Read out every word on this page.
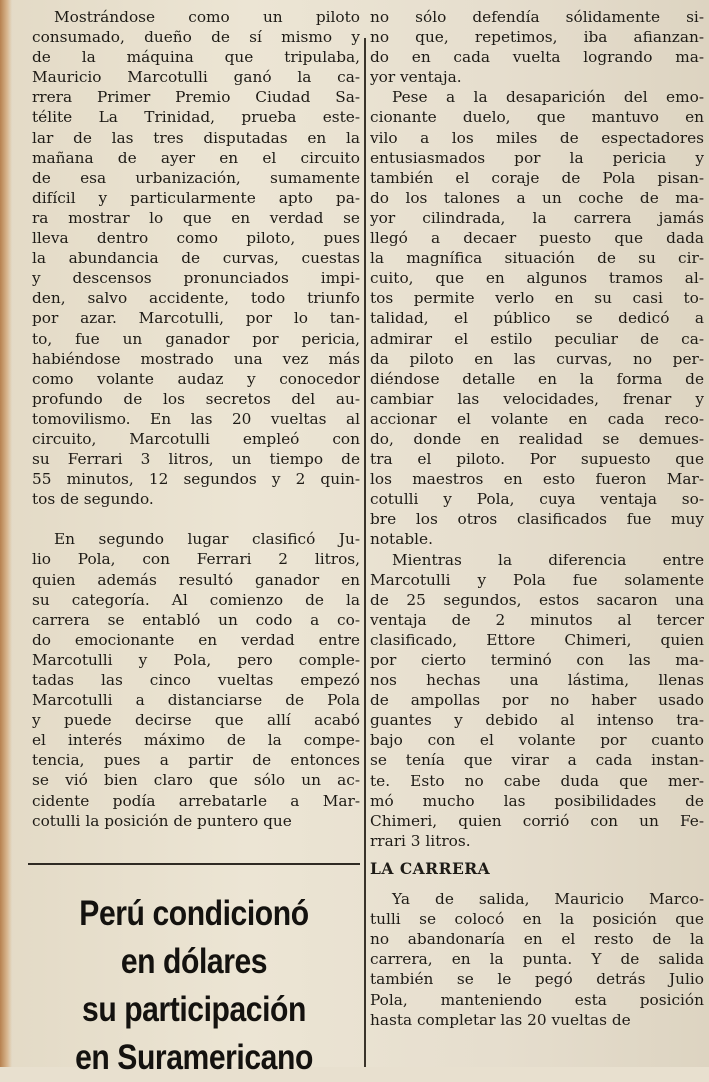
Mostrándose como un piloto
consumado, dueño de sí mismo y
de la máquina que tripulaba,
Mauricio Marcotulli ganó la ca-
rrera Primer Premio Ciudad Sa-
télite La Trinidad, prueba este-
lar de las tres disputadas en la
mañana de ayer en el circuito
de esa urbanización, sumamente
difícil y particularmente apto pa-
ra mostrar lo que en verdad se
lleva dentro como piloto, pues
la abundancia de curvas, cuestas
y descensos pronunciados impi-
den, salvo accidente, todo triunfo
por azar. Marcotulli, por lo tan-
to, fue un ganador por pericia,
habiéndose mostrado una vez más
como volante audaz y conocedor
profundo de los secretos del au-
tomovilismo. En las 20 vueltas al
circuito, Marcotulli empleó con
su Ferrari 3 litros, un tiempo de
55 minutos, 12 segundos y 2 quin-
tos de segundo.

En segundo lugar clasificó Ju-
lio Pola, con Ferrari 2 litros,
quien además resultó ganador en
su categoría. Al comienzo de la
carrera se entabló un codo a co-
do emocionante en verdad entre
Marcotulli y Pola, pero comple-
tadas las cinco vueltas empezó
Marcotulli a distanciarse de Pola
y puede decirse que allí acabó
el interés máximo de la compe-
tencia, pues a partir de entonces
se vió bien claro que sólo un ac-
cidente podía arrebatarle a Mar-
cotulli la posición de puntero que

no sólo defendía sólidamente si-
no que, repetimos, iba afianzan-
do en cada vuelta logrando ma-
yor ventaja.

Pese a la desaparición del emo-
cionante duelo, que mantuvo en
vilo a los miles de espectadores
entusiasmados por la pericia y
también el coraje de Pola pisan-
do los talones a un coche de ma-
yor cilindrada, la carrera jamás
llegó a decaer puesto que dada
la magnífica situación de su cir-
cuito, que en algunos tramos al-
tos permite verlo en su casi to-
talidad, el público se dedicó a
admirar el estilo peculiar de ca-
da piloto en las curvas, no per-
diéndose detalle en la forma de
cambiar las velocidades, frenar y
accionar el volante en cada reco-
do, donde en realidad se demues-
tra el piloto. Por supuesto que
los maestros en esto fueron Mar-
cotulli y Pola, cuya ventaja so-
bre los otros clasificados fue muy
notable.

Mientras la diferencia entre
Marcotulli y Pola fue solamente
de 25 segundos, estos sacaron una
ventaja de 2 minutos al tercer
clasificado, Ettore Chimeri, quien
por cierto terminó con las ma-
nos hechas una lástima, llenas
de ampollas por no haber usado
guantes y debido al intenso tra-
bajo con el volante por cuanto
se tenía que virar a cada instan-
te. Esto no cabe duda que mer-
mó mucho las posibilidades de
Chimeri, quien corrió con un Fe-
rrari 3 litros.

LA CARRERA

Ya de salida, Mauricio Marco-
tulli se colocó en la posición que
no abandonaría en el resto de la
carrera, en la punta. Y de salida
también se le pegó detrás Julio
Pola, manteniendo esta posición
hasta completar las 20 vueltas de

Perú condicionó
en dólares
su participación
en Suramericano
